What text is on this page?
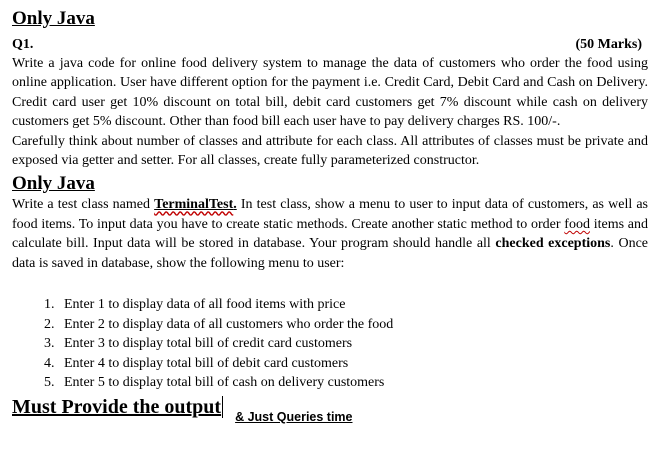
Only Java
Q1.	(50 Marks)

Write a java code for online food delivery system to manage the data of customers who order the food using online application. User have different option for the payment i.e. Credit Card, Debit Card and Cash on Delivery. Credit card user get 10% discount on total bill, debit card customers get 7% discount while cash on delivery customers get 5% discount. Other than food bill each user have to pay delivery charges RS. 100/-.

Carefully think about number of classes and attribute for each class. All attributes of classes must be private and exposed via getter and setter. For all classes, create fully parameterized constructor.

Only Java

Write a test class named TerminalTest. In test class, show a menu to user to input data of customers, as well as food items. To input data you have to create static methods. Create another static method to order food items and calculate bill. Input data will be stored in database. Your program should handle all checked exceptions. Once data is saved in database, show the following menu to user:

1. Enter 1 to display data of all food items with price
2. Enter 2 to display data of all customers who order the food
3. Enter 3 to display total bill of credit card customers
4. Enter 4 to display total bill of debit card customers
5. Enter 5 to display total bill of cash on delivery customers
Must Provide the output & Just Queries time
